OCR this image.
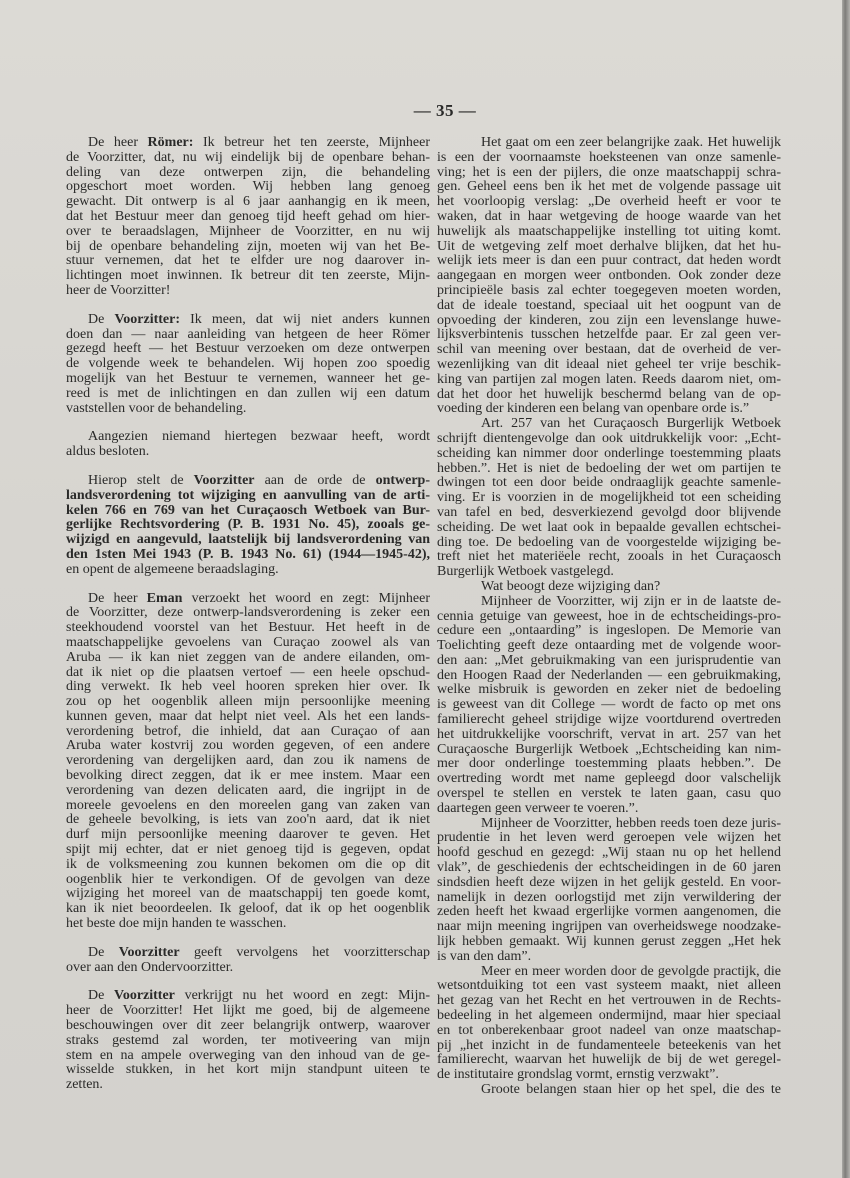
— 35 —
De heer Römer: Ik betreur het ten zeerste, Mijnheer
de Voorzitter, dat, nu wij eindelijk bij de openbare behan-
deling van deze ontwerpen zijn, die behandeling
opgeschort moet worden. Wij hebben lang genoeg
gewacht. Dit ontwerp is al 6 jaar aanhangig en ik meen,
dat het Bestuur meer dan genoeg tijd heeft gehad om hier-
over te beraadslagen, Mijnheer de Voorzitter, en nu wij
bij de openbare behandeling zijn, moeten wij van het Be-
stuur vernemen, dat het te elfder ure nog daarover in-
lichtingen moet inwinnen. Ik betreur dit ten zeerste, Mijn-
heer de Voorzitter!
De Voorzitter: Ik meen, dat wij niet anders kunnen
doen dan — naar aanleiding van hetgeen de heer Römer
gezegd heeft — het Bestuur verzoeken om deze ontwerpen
de volgende week te behandelen. Wij hopen zoo spoedig
mogelijk van het Bestuur te vernemen, wanneer het ge-
reed is met de inlichtingen en dan zullen wij een datum
vaststellen voor de behandeling.
Aangezien niemand hiertegen bezwaar heeft, wordt
aldus besloten.
Hierop stelt de Voorzitter aan de orde de ontwerp-
landsverordening tot wijziging en aanvulling van de arti-
kelen 766 en 769 van het Curaçaosch Wetboek van Bur-
gerlijke Rechtsvordering (P. B. 1931 No. 45), zooals ge-
wijzigd en aangevuld, laatstelijk bij landsverordening van
den 1sten Mei 1943 (P. B. 1943 No. 61) (1944—1945-42),
en opent de algemeene beraadslaging.
De heer Eman verzoekt het woord en zegt: Mijnheer
de Voorzitter, deze ontwerp-landsverordening is zeker een
steekhoudend voorstel van het Bestuur. Het heeft in de
maatschappelijke gevoelens van Curaçao zoowel als van
Aruba — ik kan niet zeggen van de andere eilanden, om-
dat ik niet op die plaatsen vertoef — een heele opschud-
ding verwekt. Ik heb veel hooren spreken hier over. Ik
zou op het oogenblik alleen mijn persoonlijke meening
kunnen geven, maar dat helpt niet veel. Als het een lands-
verordening betrof, die inhield, dat aan Curaçao of aan
Aruba water kostvrij zou worden gegeven, of een andere
verordening van dergelijken aard, dan zou ik namens de
bevolking direct zeggen, dat ik er mee instem. Maar een
verordening van dezen delicaten aard, die ingrijpt in de
moreele gevoelens en den moreelen gang van zaken van
de geheele bevolking, is iets van zoo'n aard, dat ik niet
durf mijn persoonlijke meening daarover te geven. Het
spijt mij echter, dat er niet genoeg tijd is gegeven, opdat
ik de volksmeening zou kunnen bekomen om die op dit
oogenblik hier te verkondigen. Of de gevolgen van deze
wijziging het moreel van de maatschappij ten goede komt,
kan ik niet beoordeelen. Ik geloof, dat ik op het oogenblik
het beste doe mijn handen te wasschen.
De Voorzitter geeft vervolgens het voorzitterschap
over aan den Ondervoorzitter.
De Voorzitter verkrijgt nu het woord en zegt: Mijn-
heer de Voorzitter! Het lijkt me goed, bij de algemeene
beschouwingen over dit zeer belangrijk ontwerp, waarover
straks gestemd zal worden, ter motiveering van mijn
stem en na ampele overweging van den inhoud van de ge-
wisselde stukken, in het kort mijn standpunt uiteen te
zetten.
Het gaat om een zeer belangrijke zaak. Het huwelijk
is een der voornaamste hoeksteenen van onze samenle-
ving; het is een der pijlers, die onze maatschappij schra-
gen. Geheel eens ben ik het met de volgende passage uit
het voorloopig verslag: „De overheid heeft er voor te
waken, dat in haar wetgeving de hooge waarde van het
huwelijk als maatschappelijke instelling tot uiting komt.
Uit de wetgeving zelf moet derhalve blijken, dat het hu-
welijk iets meer is dan een puur contract, dat heden wordt
aangegaan en morgen weer ontbonden. Ook zonder deze
principieële basis zal echter toegegeven moeten worden,
dat de ideale toestand, speciaal uit het oogpunt van de
opvoeding der kinderen, zou zijn een levenslange huwe-
lijksverbintenis tusschen hetzelfde paar. Er zal geen ver-
schil van meening over bestaan, dat de overheid de ver-
wezenlijking van dit ideaal niet geheel ter vrije beschik-
king van partijen zal mogen laten. Reeds daarom niet, om-
dat het door het huwelijk beschermd belang van de op-
voeding der kinderen een belang van openbare orde is.”
Art. 257 van het Curaçaosch Burgerlijk Wetboek
schrijft dientengevolge dan ook uitdrukkelijk voor: „Echt-
scheiding kan nimmer door onderlinge toestemming plaats
hebben.”. Het is niet de bedoeling der wet om partijen te
dwingen tot een door beide ondraaglijk geachte samenle-
ving. Er is voorzien in de mogelijkheid tot een scheiding
van tafel en bed, desverkiezend gevolgd door blijvende
scheiding. De wet laat ook in bepaalde gevallen echtschei-
ding toe. De bedoeling van de voorgestelde wijziging be-
treft niet het materiëele recht, zooals in het Curaçaosch
Burgerlijk Wetboek vastgelegd.
Wat beoogt deze wijziging dan?
Mijnheer de Voorzitter, wij zijn er in de laatste de-
cennia getuige van geweest, hoe in de echtscheidings-pro-
cedure een „ontaarding” is ingeslopen. De Memorie van
Toelichting geeft deze ontaarding met de volgende woor-
den aan: „Met gebruikmaking van een jurisprudentie van
den Hoogen Raad der Nederlanden — een gebruikmaking,
welke misbruik is geworden en zeker niet de bedoeling
is geweest van dit College — wordt de facto op met ons
familierecht geheel strijdige wijze voortdurend overtreden
het uitdrukkelijke voorschrift, vervat in art. 257 van het
Curaçaosche Burgerlijk Wetboek „Echtscheiding kan nim-
mer door onderlinge toestemming plaats hebben.”. De
overtreding wordt met name gepleegd door valschelijk
overspel te stellen en verstek te laten gaan, casu quo
daartegen geen verweer te voeren.”.
Mijnheer de Voorzitter, hebben reeds toen deze juris-
prudentie in het leven werd geroepen vele wijzen het
hoofd geschud en gezegd: „Wij staan nu op het hellend
vlak”, de geschiedenis der echtscheidingen in de 60 jaren
sindsdien heeft deze wijzen in het gelijk gesteld. En voor-
namelijk in dezen oorlogstijd met zijn verwildering der
zeden heeft het kwaad ergerlijke vormen aangenomen, die
naar mijn meening ingrijpen van overheidswege noodzake-
lijk hebben gemaakt. Wij kunnen gerust zeggen „Het hek
is van den dam”.
Meer en meer worden door de gevolgde practijk, die
wetsontduiking tot een vast systeem maakt, niet alleen
het gezag van het Recht en het vertrouwen in de Rechts-
bedeeling in het algemeen ondermijnd, maar hier speciaal
en tot onberekenbaar groot nadeel van onze maatschap-
pij „het inzicht in de fundamenteele beteekenis van het
familierecht, waarvan het huwelijk de bij de wet geregel-
de institutaire grondslag vormt, ernstig verzwakt”.
Groote belangen staan hier op het spel, die des te
